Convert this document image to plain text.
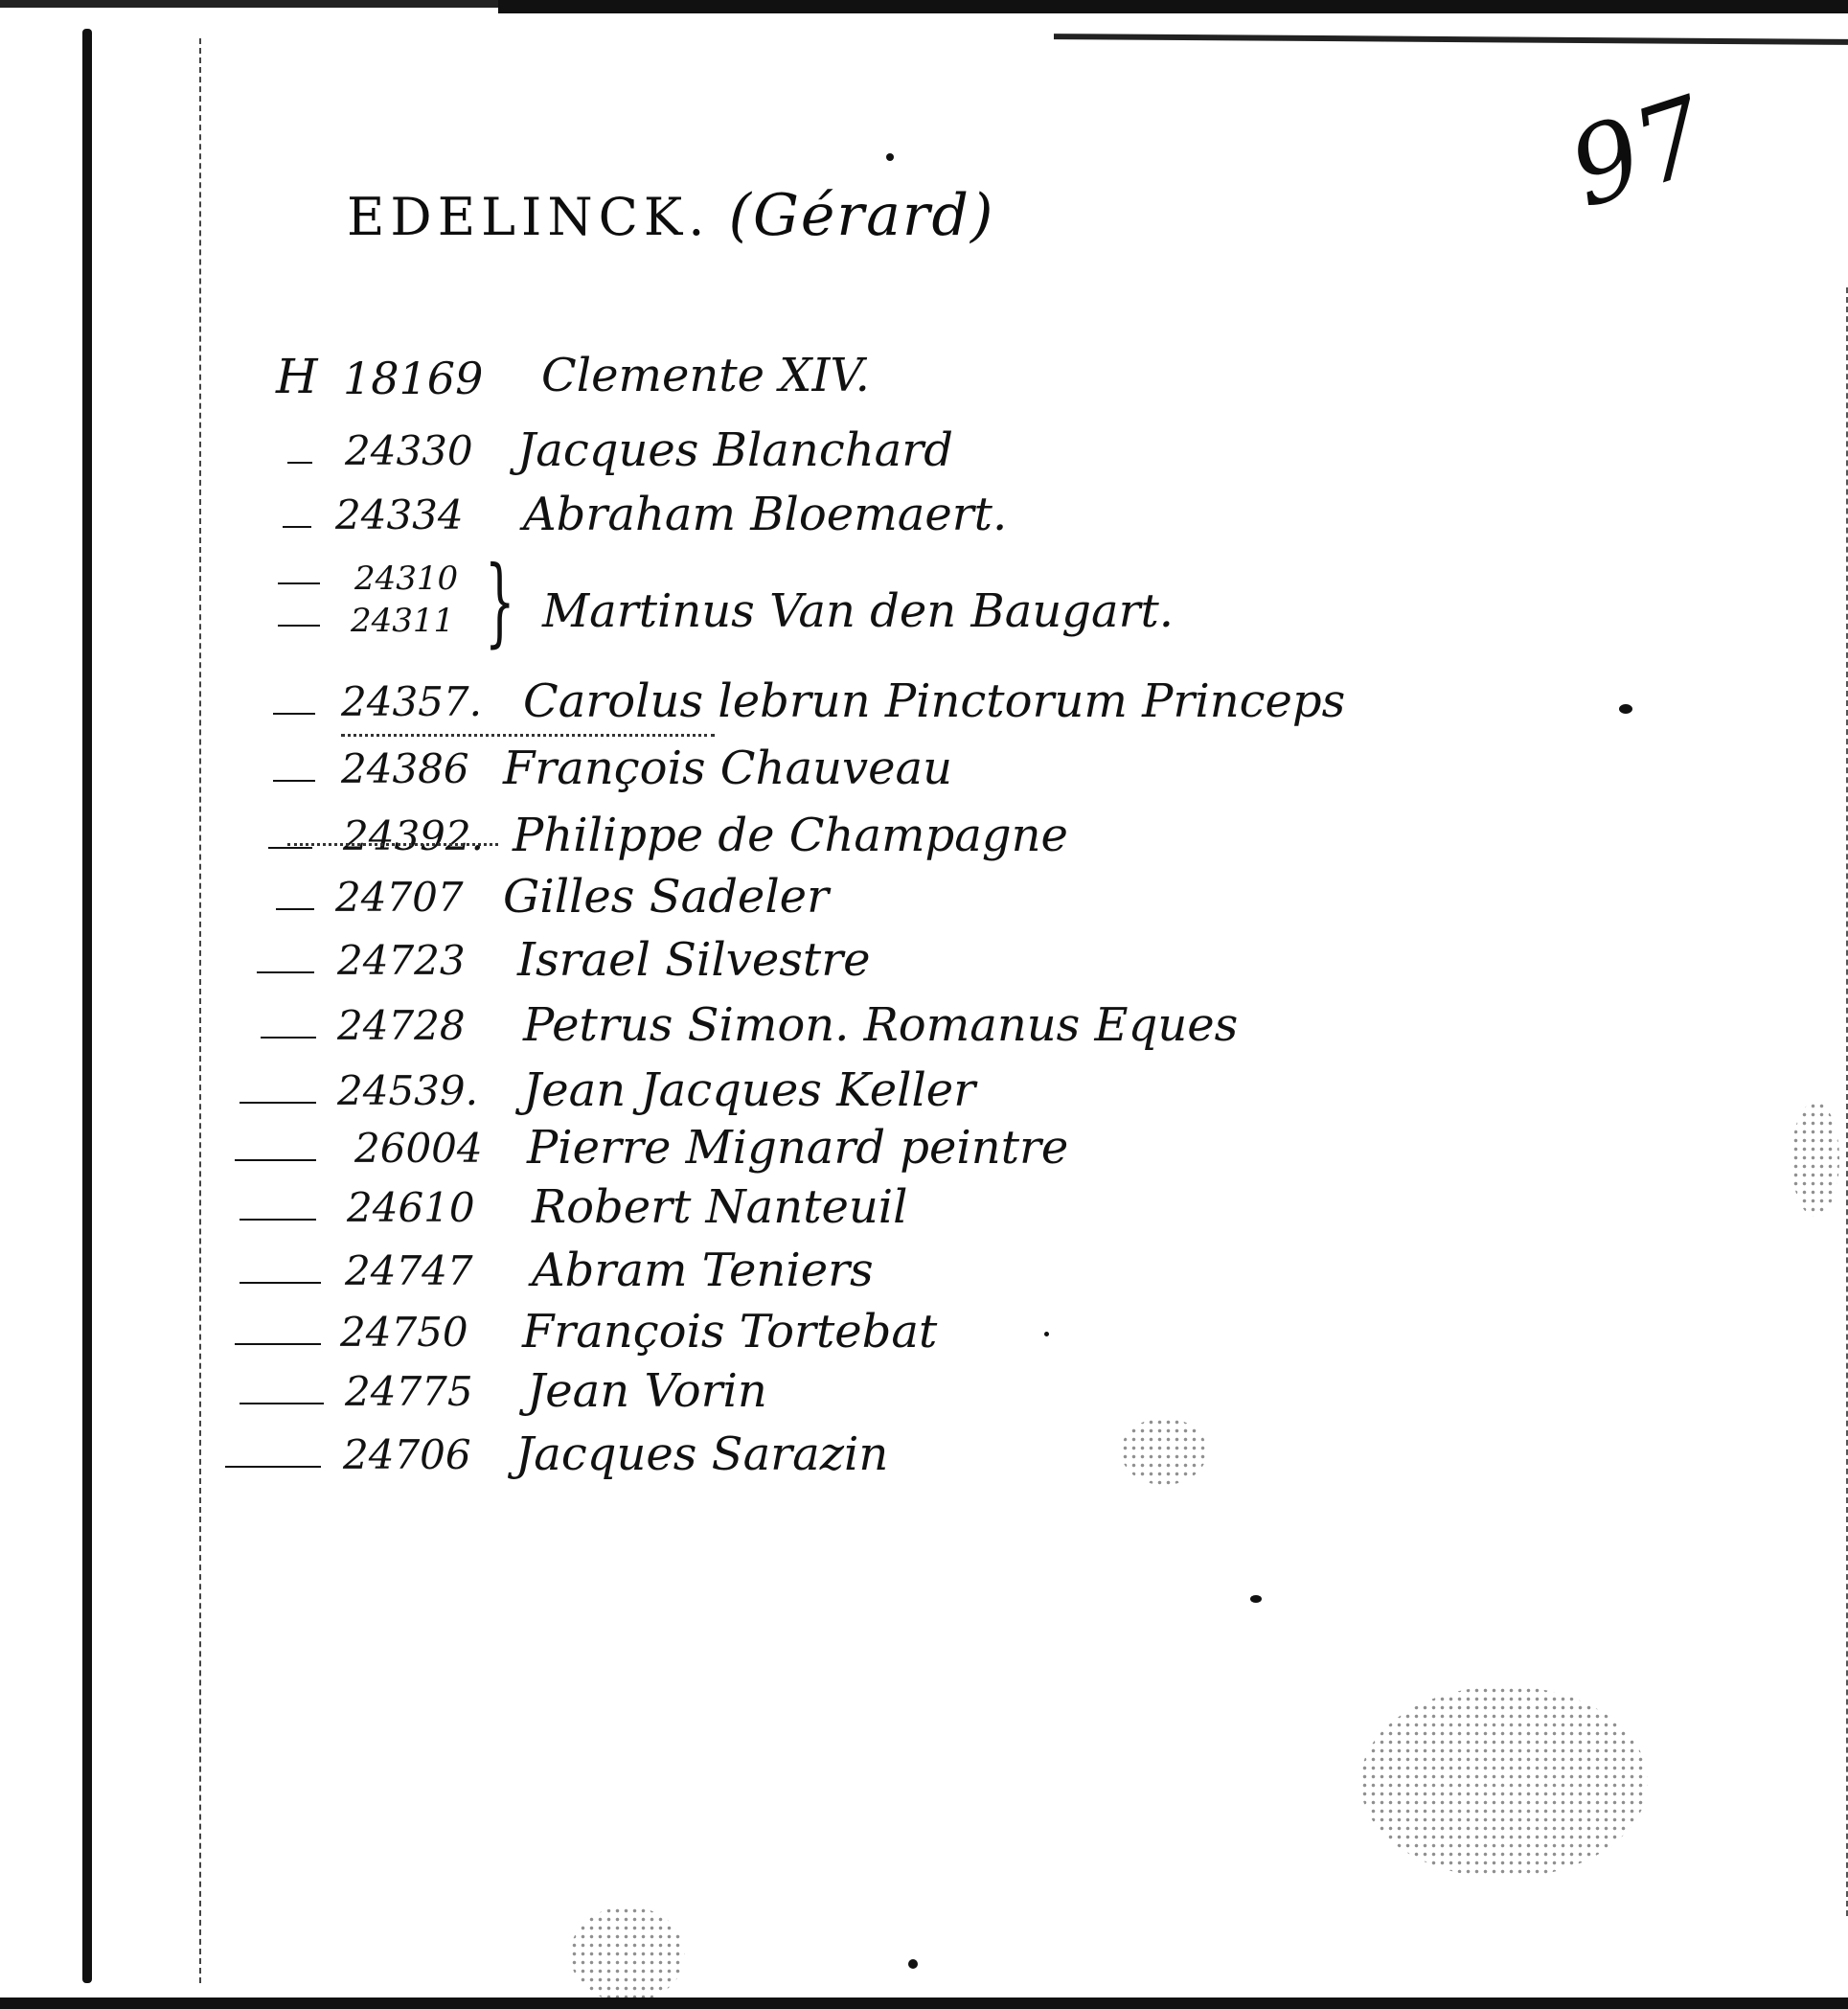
97
EDELINCK. (Gérard)
H 18169 Clemente XIV.
24330 Jacques Blanchard
24334 Abraham Bloemaert.
24310
24311 Martinus Van den Baugart.
}
24357. Carolus lebrun Pinctorum Princeps
24386 François Chauveau
24392. Philippe de Champagne
24707 Gilles Sadeler
24723 Israel Silvestre
24728 Petrus Simon. Romanus Eques
24539. Jean Jacques Keller
26004 Pierre Mignard peintre
24610 Robert Nanteuil
24747 Abram Teniers
24750 François Tortebat
24775 Jean Vorin
24706 Jacques Sarazin
